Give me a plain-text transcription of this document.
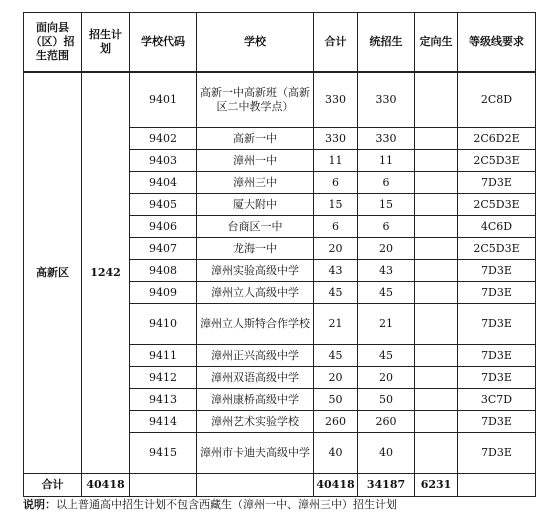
面向县（区）招生范围	招生计划	学校代码	学校	合计	统招生	定向生	等级线要求
高新区	1242	9401	高新一中高新班（高新区二中教学点）	330	330		2C8D
		9402	高新一中	330	330		2C6D2E
		9403	漳州一中	11	11		2C5D3E
		9404	漳州三中	6	6		7D3E
		9405	厦大附中	15	15		2C5D3E
		9406	台商区一中	6	6		4C6D
		9407	龙海一中	20	20		2C5D3E
		9408	漳州实验高级中学	43	43		7D3E
		9409	漳州立人高级中学	45	45		7D3E
		9410	漳州立人斯特合作学校	21	21		7D3E
		9411	漳州正兴高级中学	45	45		7D3E
		9412	漳州双语高级中学	20	20		7D3E
		9413	漳州康桥高级中学	50	50		3C7D
		9414	漳州艺术实验学校	260	260		7D3E
		9415	漳州市卡迪夫高级中学	40	40		7D3E
合计	40418			40418	34187	6231	
说明：以上普通高中招生计划不包含西藏生（漳州一中、漳州三中）招生计划
